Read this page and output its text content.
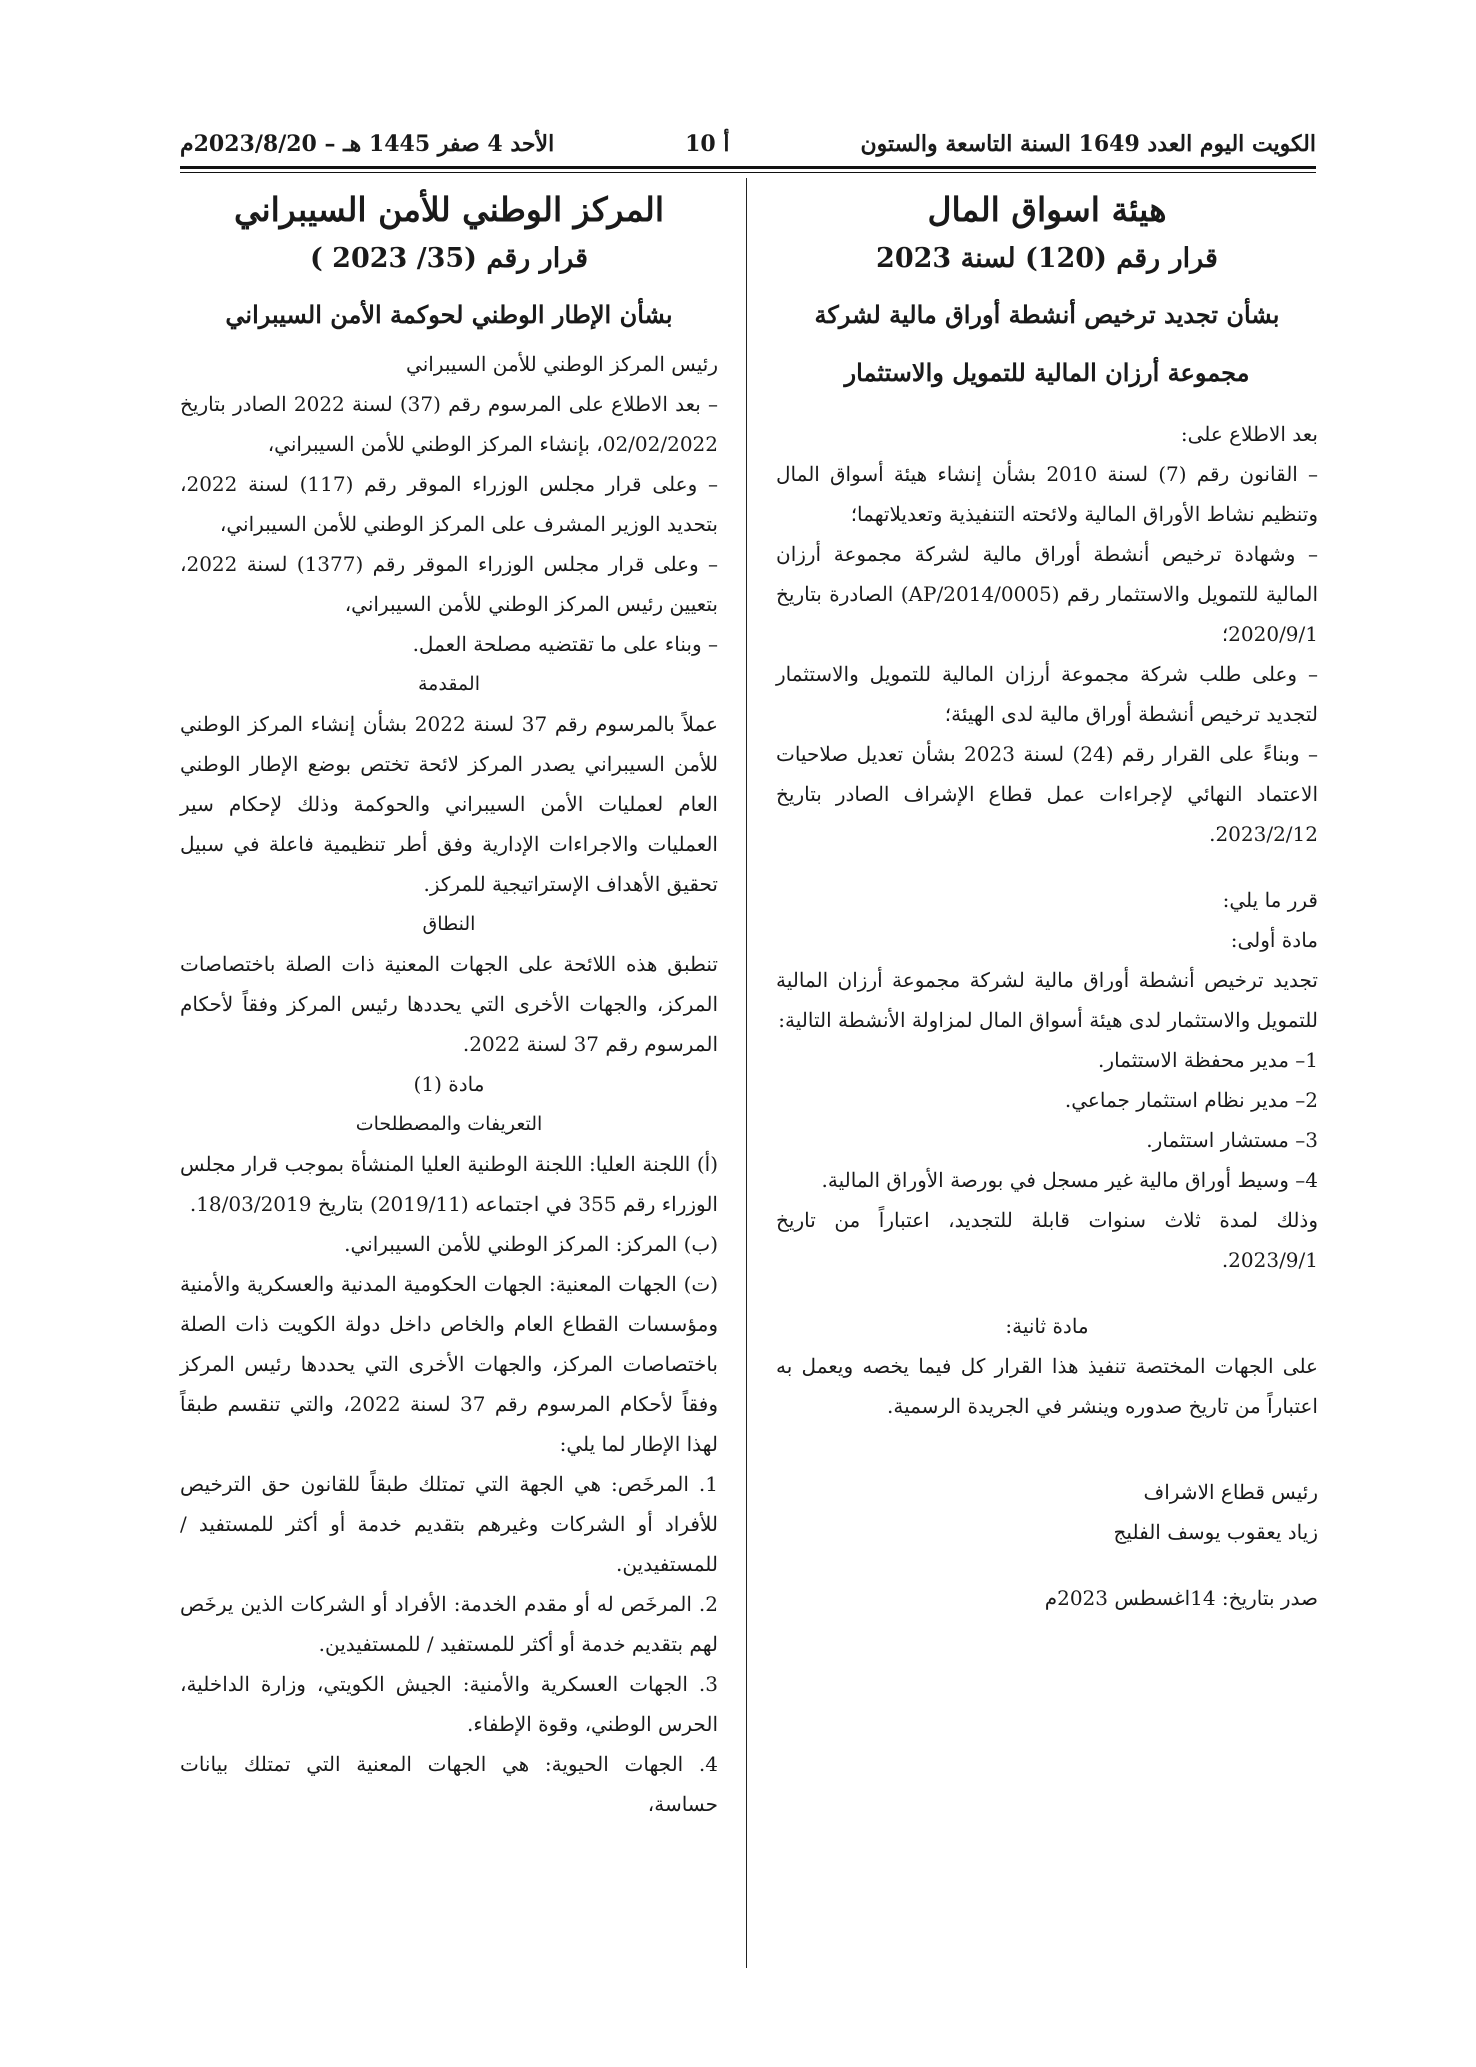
الكويت اليوم العدد 1649 السنة التاسعة والستون
أ 10
الأحد 4 صفر 1445 هـ – 2023/8/20م
هيئة اسواق المال
قرار رقم (120) لسنة 2023
بشأن تجديد ترخيص أنشطة أوراق مالية لشركة
مجموعة أرزان المالية للتمويل والاستثمار

بعد الاطلاع على:

– القانون رقم (7) لسنة 2010 بشأن إنشاء هيئة أسواق المال وتنظيم نشاط الأوراق المالية ولائحته التنفيذية وتعديلاتهما؛

– وشهادة ترخيص أنشطة أوراق مالية لشركة مجموعة أرزان المالية للتمويل والاستثمار رقم (AP/2014/0005) الصادرة بتاريخ 2020/9/1؛

– وعلى طلب شركة مجموعة أرزان المالية للتمويل والاستثمار لتجديد ترخيص أنشطة أوراق مالية لدى الهيئة؛

– وبناءً على القرار رقم (24) لسنة 2023 بشأن تعديل صلاحيات الاعتماد النهائي لإجراءات عمل قطاع الإشراف الصادر بتاريخ 2023/2/12.

قرر ما يلي:

مادة أولى:

تجديد ترخيص أنشطة أوراق مالية لشركة مجموعة أرزان المالية للتمويل والاستثمار لدى هيئة أسواق المال لمزاولة الأنشطة التالية:

1– مدير محفظة الاستثمار.

2– مدير نظام استثمار جماعي.

3– مستشار استثمار.

4– وسيط أوراق مالية غير مسجل في بورصة الأوراق المالية.

وذلك لمدة ثلاث سنوات قابلة للتجديد، اعتباراً من تاريخ 2023/9/1.

مادة ثانية:

على الجهات المختصة تنفيذ هذا القرار كل فيما يخصه ويعمل به اعتباراً من تاريخ صدوره وينشر في الجريدة الرسمية.

رئيس قطاع الاشراف

زياد يعقوب يوسف الفليج

صدر بتاريخ: 14اغسطس 2023م

المركز الوطني للأمن السيبراني
قرار رقم (35/ 2023 )
بشأن الإطار الوطني لحوكمة الأمن السيبراني

رئيس المركز الوطني للأمن السيبراني

– بعد الاطلاع على المرسوم رقم (37) لسنة 2022 الصادر بتاريخ 02/02/2022، بإنشاء المركز الوطني للأمن السيبراني،

– وعلى قرار مجلس الوزراء الموقر رقم (117) لسنة 2022، بتحديد الوزير المشرف على المركز الوطني للأمن السيبراني،

– وعلى قرار مجلس الوزراء الموقر رقم (1377) لسنة 2022، بتعيين رئيس المركز الوطني للأمن السيبراني،

– وبناء على ما تقتضيه مصلحة العمل.

المقدمة

عملاً بالمرسوم رقم 37 لسنة 2022 بشأن إنشاء المركز الوطني للأمن السيبراني يصدر المركز لائحة تختص بوضع الإطار الوطني العام لعمليات الأمن السيبراني والحوكمة وذلك لإحكام سير العمليات والاجراءات الإدارية وفق أطر تنظيمية فاعلة في سبيل تحقيق الأهداف الإستراتيجية للمركز.

النطاق

تنطبق هذه اللائحة على الجهات المعنية ذات الصلة باختصاصات المركز، والجهات الأخرى التي يحددها رئيس المركز وفقاً لأحكام المرسوم رقم 37 لسنة 2022.

مادة (1)

التعريفات والمصطلحات

(أ) اللجنة العليا: اللجنة الوطنية العليا المنشأة بموجب قرار مجلس الوزراء رقم 355 في اجتماعه (2019/11) بتاريخ 18/03/2019.

(ب) المركز: المركز الوطني للأمن السيبراني.

(ت) الجهات المعنية: الجهات الحكومية المدنية والعسكرية والأمنية ومؤسسات القطاع العام والخاص داخل دولة الكويت ذات الصلة باختصاصات المركز، والجهات الأخرى التي يحددها رئيس المركز وفقاً لأحكام المرسوم رقم 37 لسنة 2022، والتي تنقسم طبقاً لهذا الإطار لما يلي:

1. المرخَص: هي الجهة التي تمتلك طبقاً للقانون حق الترخيص للأفراد أو الشركات وغيرهم بتقديم خدمة أو أكثر للمستفيد / للمستفيدين.

2. المرخَص له أو مقدم الخدمة: الأفراد أو الشركات الذين يرخَص لهم بتقديم خدمة أو أكثر للمستفيد / للمستفيدين.

3. الجهات العسكرية والأمنية: الجيش الكويتي، وزارة الداخلية، الحرس الوطني، وقوة الإطفاء.

4. الجهات الحيوية: هي الجهات المعنية التي تمتلك بيانات حساسة،
